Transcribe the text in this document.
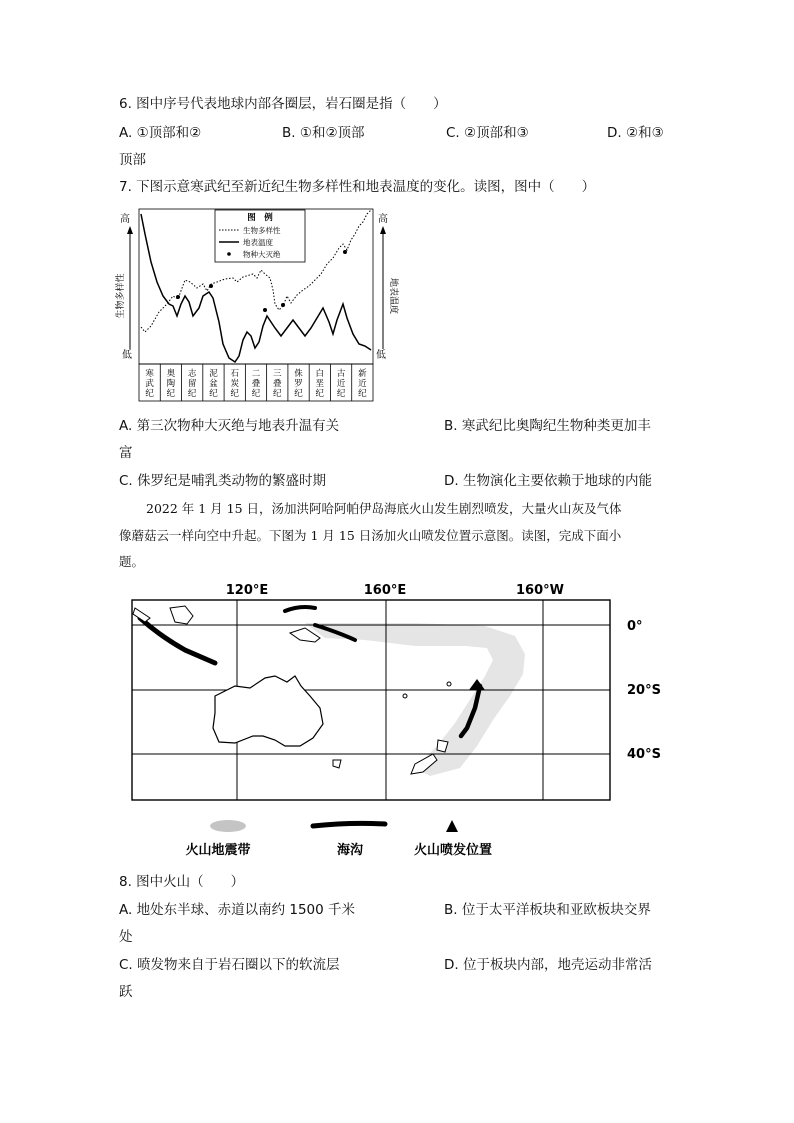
6. 图中序号代表地球内部各圈层，岩石圈是指（　　）
A. ①顶部和②	B. ①和②顶部	C. ②顶部和③	D. ②和③
顶部
7. 下图示意寒武纪至新近纪生物多样性和地表温度的变化。读图，图中（　　）
高
低
高
低
生物多样性	地表温度
图　例
生物多样性
地表温度
物种大灭绝
寒武纪
奥陶纪
志留纪
泥盆纪
石炭纪
二叠纪
三叠纪
侏罗纪
白垩纪
古近纪
新近纪
A. 第三次物种大灭绝与地表升温有关	B. 寒武纪比奥陶纪生物种类更加丰
富
C. 侏罗纪是哺乳类动物的繁盛时期	D. 生物演化主要依赖于地球的内能
2022 年 1 月 15 日，汤加洪阿哈阿帕伊岛海底火山发生剧烈喷发，大量火山灰及气体
像蘑菇云一样向空中升起。下图为 1 月 15 日汤加火山喷发位置示意图。读图，完成下面小
题。
120°E	160°E	160°W
0°
20°S
40°S
火山地震带	海沟	火山喷发位置
8. 图中火山（　　）
A. 地处东半球、赤道以南约 1500 千米	B. 位于太平洋板块和亚欧板块交界
处
C. 喷发物来自于岩石圈以下的软流层	D. 位于板块内部，地壳运动非常活
跃
